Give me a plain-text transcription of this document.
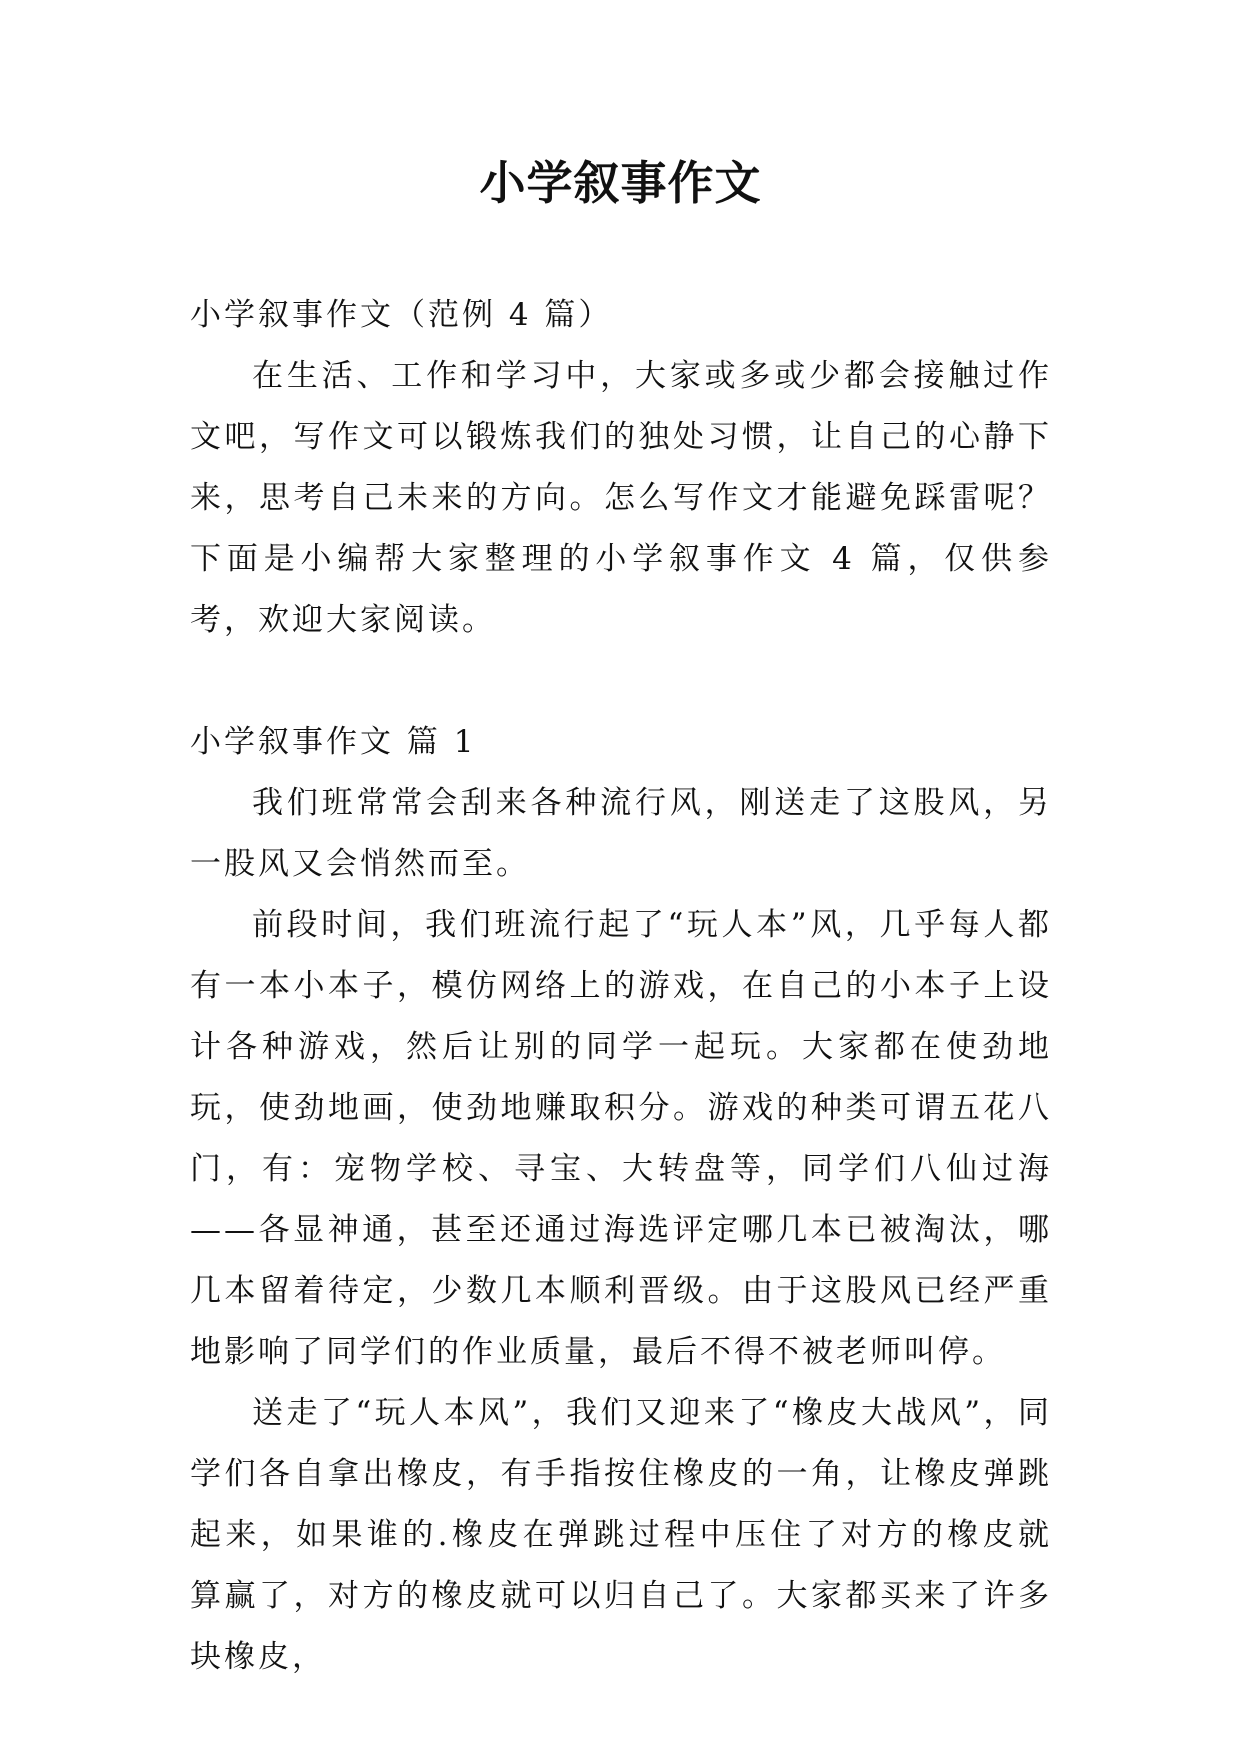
小学叙事作文

小学叙事作文（范例 4 篇）

在生活、工作和学习中，大家或多或少都会接触过作文吧，写作文可以锻炼我们的独处习惯，让自己的心静下来，思考自己未来的方向。怎么写作文才能避免踩雷呢？下面是小编帮大家整理的小学叙事作文 4 篇，仅供参考，欢迎大家阅读。

小学叙事作文 篇 1

我们班常常会刮来各种流行风，刚送走了这股风，另一股风又会悄然而至。

前段时间，我们班流行起了“玩人本”风，几乎每人都有一本小本子，模仿网络上的游戏，在自己的小本子上设计各种游戏，然后让别的同学一起玩。大家都在使劲地玩，使劲地画，使劲地赚取积分。游戏的种类可谓五花八门，有：宠物学校、寻宝、大转盘等，同学们八仙过海——各显神通，甚至还通过海选评定哪几本已被淘汰，哪几本留着待定，少数几本顺利晋级。由于这股风已经严重地影响了同学们的作业质量，最后不得不被老师叫停。

送走了“玩人本风”，我们又迎来了“橡皮大战风”，同学们各自拿出橡皮，有手指按住橡皮的一角，让橡皮弹跳起来，如果谁的.橡皮在弹跳过程中压住了对方的橡皮就算赢了，对方的橡皮就可以归自己了。大家都买来了许多块橡皮，
